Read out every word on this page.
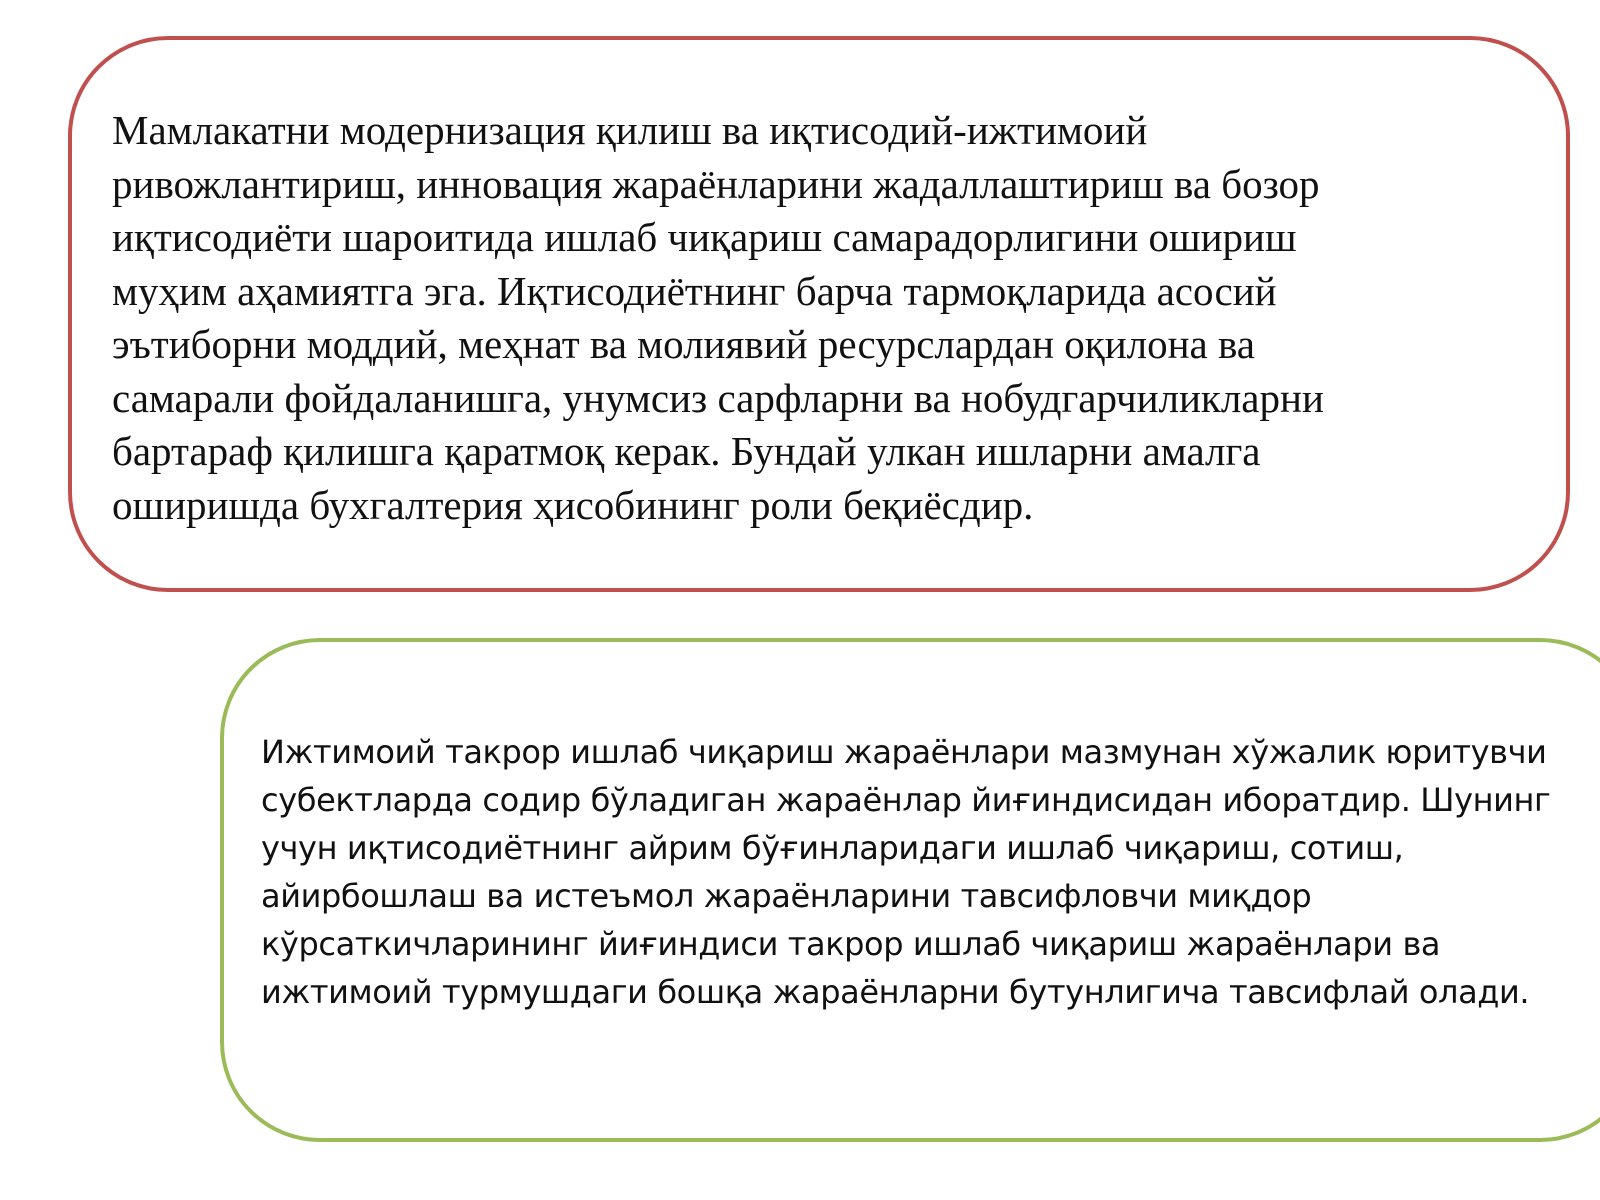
Мамлакатни модернизация қилиш ва иқтисодий-ижтимоий
ривожлантириш, инновация жараёнларини жадаллаштириш ва бозор
иқтисодиёти шароитида ишлаб чиқариш самарадорлигини ошириш
муҳим аҳамиятга эга. Иқтисодиётнинг барча тармоқларида асосий
эътиборни моддий, меҳнат ва молиявий ресурслардан оқилона ва
самарали фойдаланишга, унумсиз сарфларни ва нобудгарчиликларни
бартараф қилишга қаратмоқ керак. Бундай улкан ишларни амалга
оширишда бухгалтерия ҳисобининг роли беқиёсдир.

Ижтимоий такрор ишлаб чиқариш жараёнлари мазмунан хўжалик юритувчи
субектларда содир бўладиган жараёнлар йиғиндисидан иборатдир. Шунинг
учун иқтисодиётнинг айрим бўғинларидаги ишлаб чиқариш, сотиш,
айирбошлаш ва истеъмол жараёнларини тавсифловчи миқдор
кўрсаткичларининг йиғиндиси такрор ишлаб чиқариш жараёнлари ва
ижтимоий турмушдаги бошқа жараёнларни бутунлигича тавсифлай олади.
